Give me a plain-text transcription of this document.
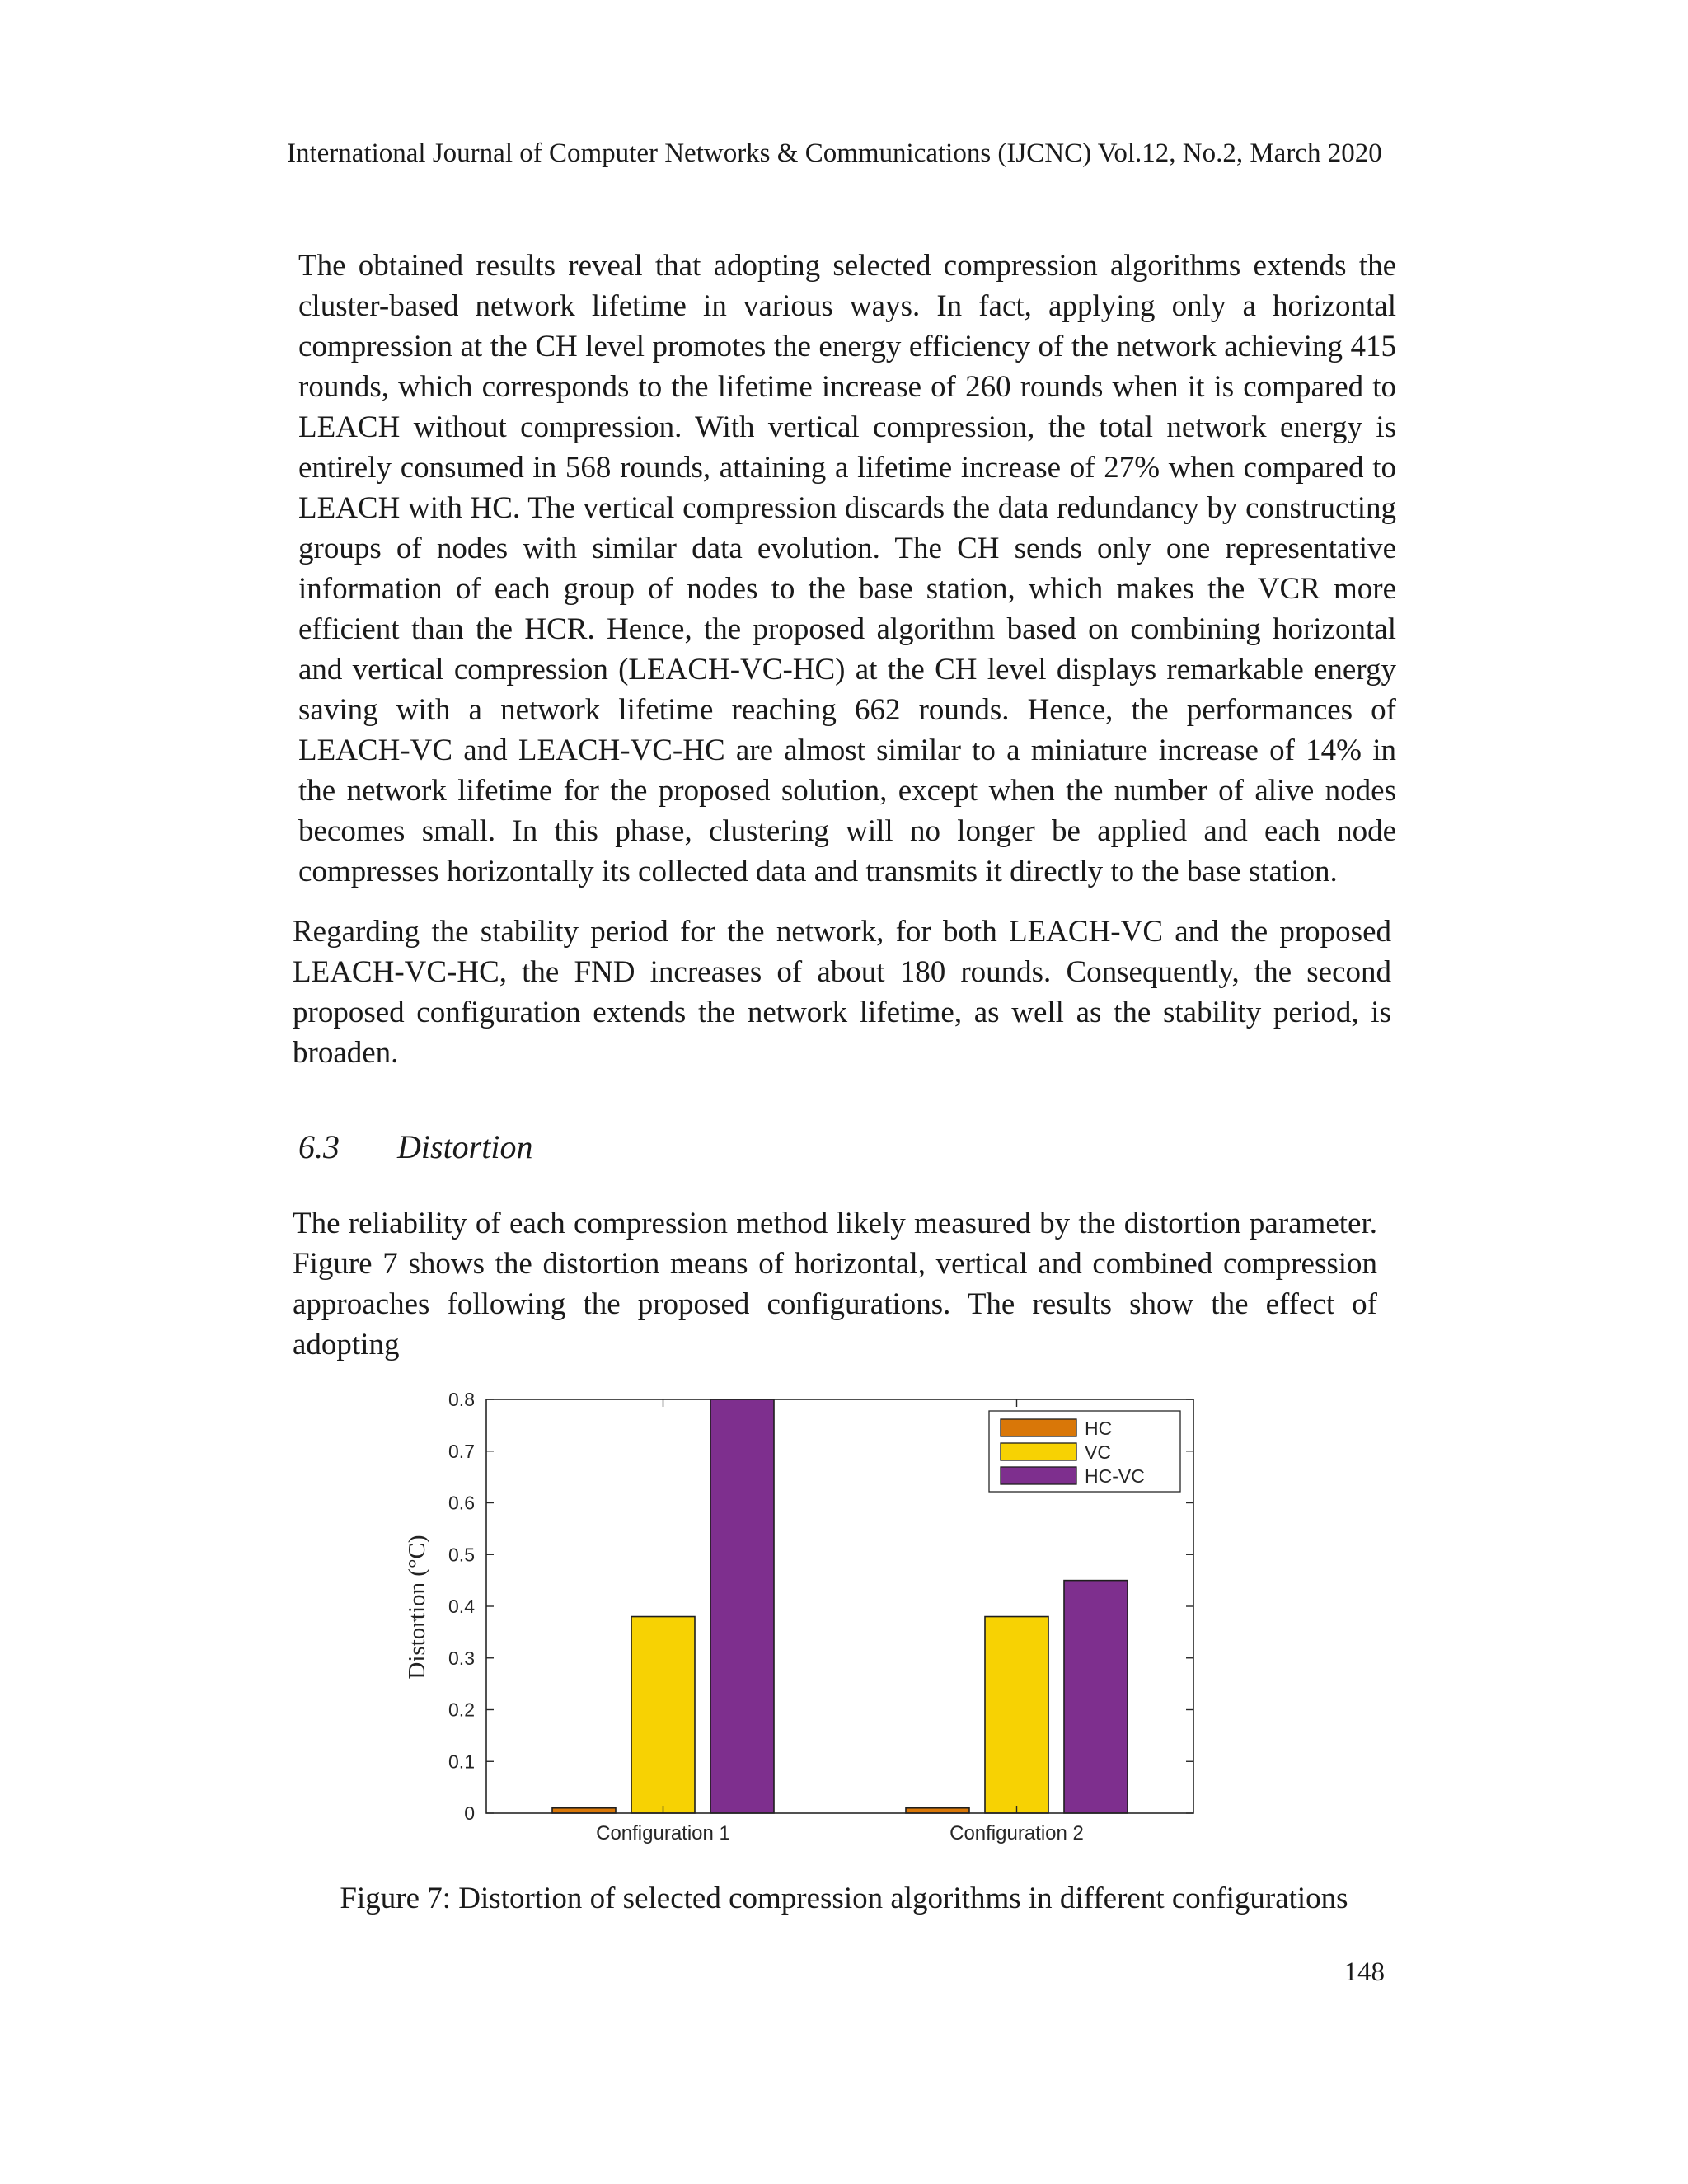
International Journal of Computer Networks & Communications (IJCNC) Vol.12, No.2, March 2020
The obtained results reveal that adopting selected compression algorithms extends the cluster-based network lifetime in various ways. In fact, applying only a horizontal compression at the CH level promotes the energy efficiency of the network achieving 415 rounds, which corresponds to the lifetime increase of 260 rounds when it is compared to LEACH without compression. With vertical compression, the total network energy is entirely consumed in 568 rounds, attaining a lifetime increase of 27% when compared to LEACH with HC. The vertical compression discards the data redundancy by constructing groups of nodes with similar data evolution. The CH sends only one representative information of each group of nodes to the base station, which makes the VCR more efficient than the HCR. Hence, the proposed algorithm based on combining horizontal and vertical compression (LEACH-VC-HC) at the CH level displays remarkable energy saving with a network lifetime reaching 662 rounds. Hence, the performances of LEACH-VC and LEACH-VC-HC are almost similar to a miniature increase of 14% in the network lifetime for the proposed solution, except when the number of alive nodes becomes small. In this phase, clustering will no longer be applied and each node compresses horizontally its collected data and transmits it directly to the base station.
Regarding the stability period for the network, for both LEACH-VC and the proposed LEACH-VC-HC, the FND increases of about 180 rounds. Consequently, the second proposed configuration extends the network lifetime, as well as the stability period, is broaden.
6.3 Distortion
The reliability of each compression method likely measured by the distortion parameter. Figure 7 shows the distortion means of horizontal, vertical and combined compression approaches following the proposed configurations. The results show the effect of adopting
Distortion (°C)
0
0.1
0.2
0.3
0.4
0.5
0.6
0.7
0.8
Configuration 1	Configuration 2
HC
VC
HC-VC
Figure 7: Distortion of selected compression algorithms in different configurations
148
